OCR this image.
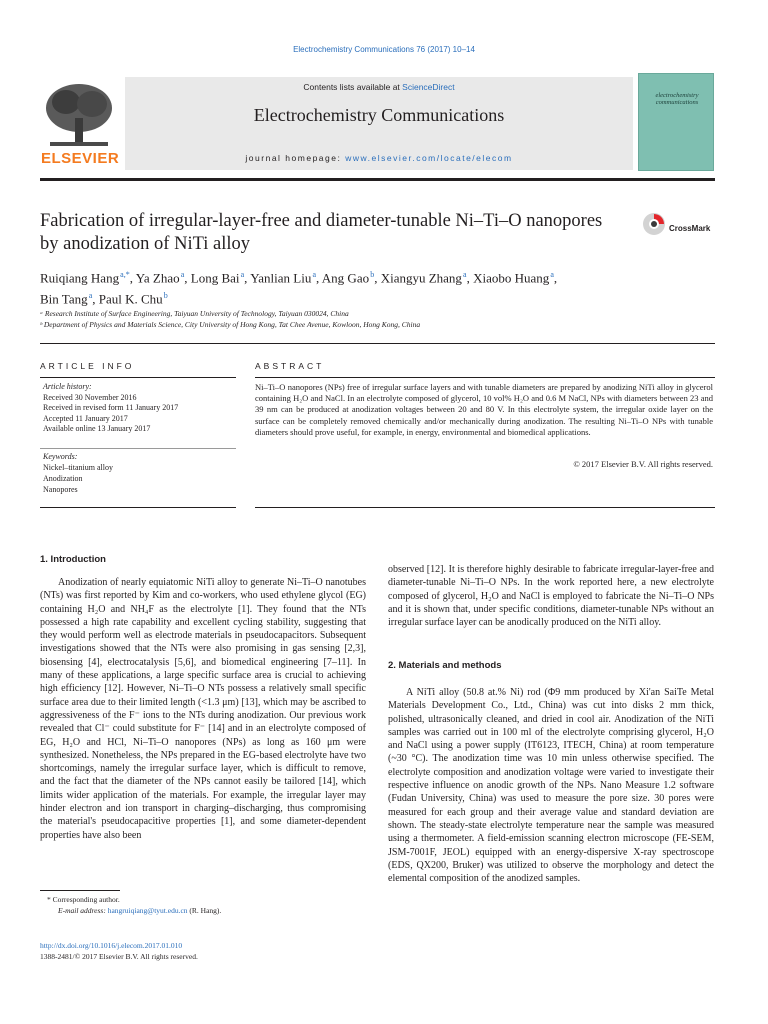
Electrochemistry Communications 76 (2017) 10–14
Contents lists available at ScienceDirect
Electrochemistry Communications
journal homepage: www.elsevier.com/locate/elecom
ELSEVIER
electrochemistry communications
Fabrication of irregular-layer-free and diameter-tunable Ni–Ti–O nanopores by anodization of NiTi alloy
CrossMark
Ruiqiang Hang $^{a,*}$, Ya Zhao $^a$, Long Bai $^a$, Yanlian Liu $^a$, Ang Gao $^b$, Xiangyu Zhang $^a$, Xiaobo Huang $^a$,
Bin Tang $^a$, Paul K. Chu $^b$
ᵃ Research Institute of Surface Engineering, Taiyuan University of Technology, Taiyuan 030024, China
ᵇ Department of Physics and Materials Science, City University of Hong Kong, Tat Chee Avenue, Kowloon, Hong Kong, China
ARTICLE INFO	ABSTRACT
Article history:
Received 30 November 2016
Received in revised form 11 January 2017
Accepted 11 January 2017
Available online 13 January 2017
Keywords:
Nickel–titanium alloy
Anodization
Nanopores
Ni–Ti–O nanopores (NPs) free of irregular surface layers and with tunable diameters are prepared by anodizing NiTi alloy in glycerol containing H₂O and NaCl. In an electrolyte composed of glycerol, 10 vol% H₂O and 0.6 M NaCl, NPs with diameters between 23 and 39 nm can be produced at anodization voltages between 20 and 80 V. In this electrolyte system, the irregular oxide layer on the surface can be completely removed chemically and/or mechanically during anodization. The resulting Ni–Ti–O NPs with tunable diameters should prove useful, for example, in energy, environmental and biomedical applications.
© 2017 Elsevier B.V. All rights reserved.
1. Introduction

Anodization of nearly equiatomic NiTi alloy to generate Ni–Ti–O nanotubes (NTs) was first reported by Kim and co-workers, who used ethylene glycol (EG) containing H₂O and NH₄F as the electrolyte [1]. They found that the NTs possessed a high rate capability and excellent cycling stability, suggesting that they would perform well as electrode materials in pseudocapacitors. Subsequent investigations showed that the NTs were also promising in gas sensing [2,3], biosensing [4], electrocatalysis [5,6], and biomedical engineering [7–11]. In many of these applications, a large specific surface area is crucial to achieving high efficiency [12]. However, Ni–Ti–O NTs possess a relatively small specific surface area due to their limited length (<1.3 μm) [13], which may be ascribed to aggressiveness of the F⁻ ions to the NTs during anodization. Our previous work revealed that Cl⁻ could substitute for F⁻ [14] and in an electrolyte composed of EG, H₂O and HCl, Ni–Ti–O nanopores (NPs) as long as 160 μm were synthesized. Nonetheless, the NPs prepared in the EG-based electrolyte have two shortcomings, namely the irregular surface layer, which is difficult to remove, and the fact that the diameter of the NPs cannot easily be tailored [14], which limits wider application of the materials. For example, the irregular layer may hinder electron and ion transport in charging–discharging, thus compromising the material's pseudocapacitive properties [1], and some diameter-dependent properties have also been

observed [12]. It is therefore highly desirable to fabricate irregular-layer-free and diameter-tunable Ni–Ti–O NPs. In the work reported here, a new electrolyte composed of glycerol, H₂O and NaCl is employed to fabricate the Ni–Ti–O NPs and it is shown that, under specific conditions, diameter-tunable NPs without an irregular surface layer can be anodically produced on the NiTi alloy.

2. Materials and methods

A NiTi alloy (50.8 at.% Ni) rod (Φ9 mm produced by Xi'an SaiTe Metal Materials Development Co., Ltd., China) was cut into disks 2 mm thick, polished, ultrasonically cleaned, and dried in cool air. Anodization of the NiTi samples was carried out in 100 ml of the electrolyte comprising glycerol, H₂O and NaCl using a power supply (IT6123, ITECH, China) at room temperature (~30 °C). The anodization time was 10 min unless otherwise specified. The electrolyte composition and anodization voltage were varied to investigate their respective influence on anodic growth of the NPs. Nano Measure 1.2 software (Fudan University, China) was used to measure the pore size. 30 pores were measured for each group and their average value and standard deviation are shown. The steady-state electrolyte temperature near the sample was measured using a thermometer. A field-emission scanning electron microscope (FE-SEM, JSM-7001F, JEOL) equipped with an energy-dispersive X-ray spectroscope (EDS, QX200, Bruker) was utilized to observe the morphology and detect the elemental composition of the anodized samples.

* Corresponding author.
E-mail address: hangruiqiang@tyut.edu.cn (R. Hang).
http://dx.doi.org/10.1016/j.elecom.2017.01.010
1388-2481/© 2017 Elsevier B.V. All rights reserved.
